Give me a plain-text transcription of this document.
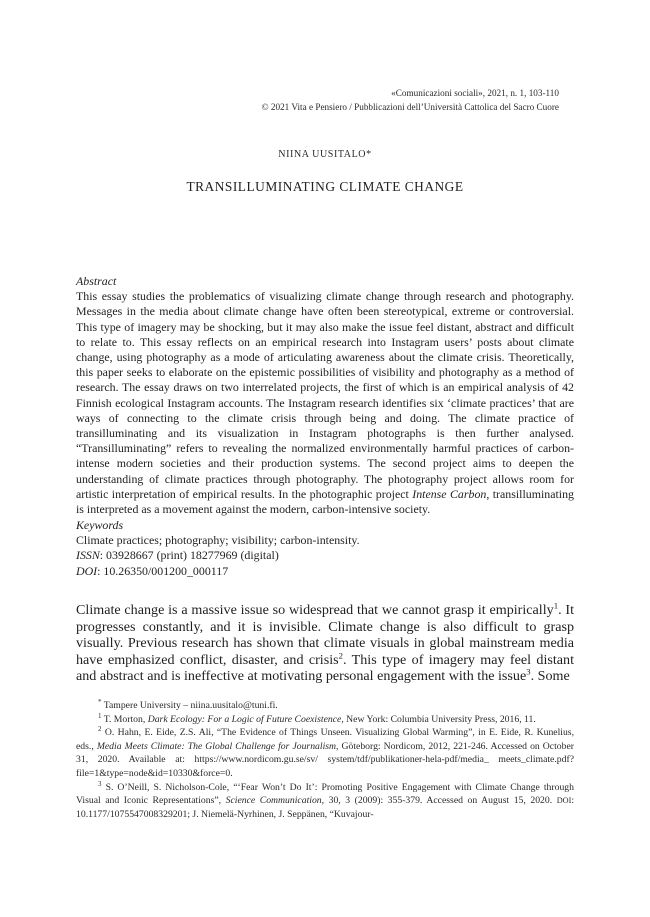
«Comunicazioni sociali», 2021, n. 1, 103-110
© 2021 Vita e Pensiero / Pubblicazioni dell’Università Cattolica del Sacro Cuore
NIINA UUSITALO*
TRANSILLUMINATING CLIMATE CHANGE
Abstract
This essay studies the problematics of visualizing climate change through research and photography. Messages in the media about climate change have often been stereotypical, extreme or controversial. This type of imagery may be shocking, but it may also make the issue feel distant, abstract and difficult to relate to. This essay reflects on an empirical research into Instagram users’ posts about climate change, using photography as a mode of articulating awareness about the climate crisis. Theoretically, this paper seeks to elaborate on the epistemic possibilities of visibility and photography as a method of research. The essay draws on two interrelated projects, the first of which is an empirical analysis of 42 Finnish ecological Instagram accounts. The Instagram research identifies six ‘climate practices’ that are ways of connecting to the climate crisis through being and doing. The climate practice of transilluminating and its visualization in Instagram photographs is then further analysed. “Transilluminating” refers to revealing the normalized environmentally harmful practices of carbon-intense modern societies and their production systems. The second project aims to deepen the understanding of climate practices through photography. The photography project allows room for artistic interpretation of empirical results. In the photographic project Intense Carbon, transilluminating is interpreted as a movement against the modern, carbon-intensive society.
Keywords
Climate practices; photography; visibility; carbon-intensity.
ISSN: 03928667 (print) 18277969 (digital)
DOI: 10.26350/001200_000117
Climate change is a massive issue so widespread that we cannot grasp it empirically$^1$. It progresses constantly, and it is invisible. Climate change is also difficult to grasp visually. Previous research has shown that climate visuals in global mainstream media have emphasized conflict, disaster, and crisis$^2$. This type of imagery may feel distant and abstract and is ineffective at motivating personal engagement with the issue$^3$. Some
* Tampere University – niina.uusitalo@tuni.fi.
$^1$ T. Morton, Dark Ecology: For a Logic of Future Coexistence, New York: Columbia University Press, 2016, 11.
$^2$ O. Hahn, E. Eide, Z.S. Ali, “The Evidence of Things Unseen. Visualizing Global Warming”, in E. Eide, R. Kunelius, eds., Media Meets Climate: The Global Challenge for Journalism, Göteborg: Nordicom, 2012, 221-246. Accessed on October 31, 2020. Available at: https://www.nordicom.gu.se/sv/ system/tdf/publikationer-hela-pdf/media_ meets_climate.pdf?file=1&type=node&id=10330&force=0.
$^3$ S. O’Neill, S. Nicholson-Cole, “‘Fear Won’t Do It’: Promoting Positive Engagement with Climate Change through Visual and Iconic Representations”, Science Communication, 30, 3 (2009): 355-379. Accessed on August 15, 2020. DOI: 10.1177/1075547008329201; J. Niemelä-Nyrhinen, J. Seppänen, “Kuvajour-
